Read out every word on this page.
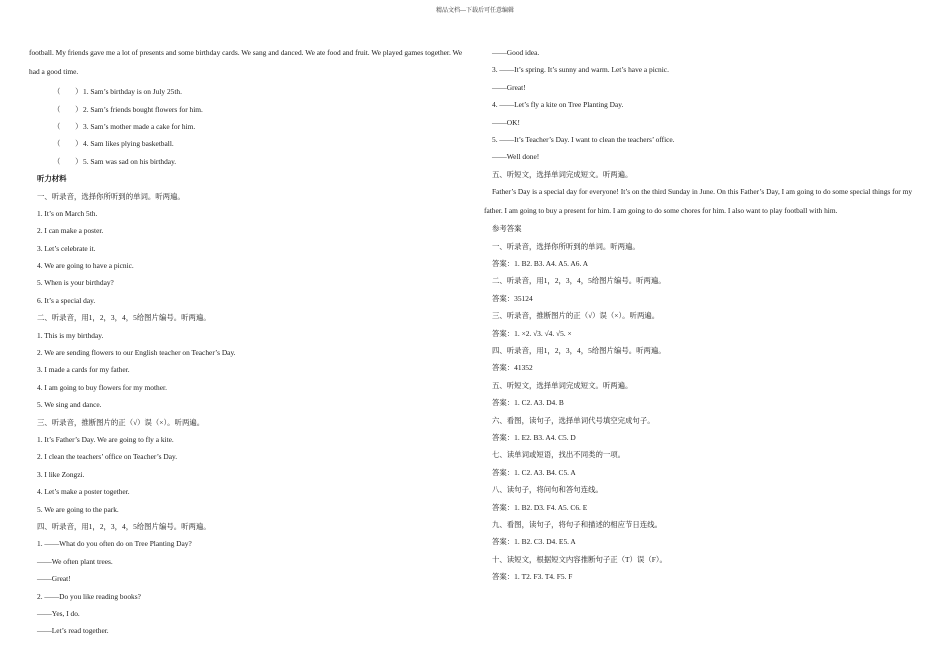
精品文档---下载后可任意编辑
football. My friends gave me a lot of presents and some birthday cards. We sang and danced. We ate food and fruit. We played games together. We had a good time.
（　　）1. Sam’s birthday is on July 25th.
（　　）2. Sam’s friends bought flowers for him.
（　　）3. Sam’s mother made a cake for him.
（　　）4. Sam likes plying basketball.
（　　）5. Sam was sad on his birthday.
听力材料
一、听录音，选择你所听到的单词。听两遍。
1. It’s on March 5th.
2. I can make a poster.
3. Let’s celebrate it.
4. We are going to have a picnic.
5. When is your birthday?
6. It’s a special day.
二、听录音，用1，2，3，4，5给图片编号。听两遍。
1. This is my birthday.
2. We are sending flowers to our English teacher on Teacher’s Day.
3. I made a cards for my father.
4. I am going to buy flowers for my mother.
5. We sing and dance.
三、听录音，推断图片的正（√）误（×）。听两遍。
1. It’s Father’s Day. We are going to fly a kite.
2. I clean the teachers’ office on Teacher’s Day.
3. I like Zongzi.
4. Let’s make a poster together.
5. We are going to the park.
四、听录音，用1，2，3，4，5给图片编号。听两遍。
1. ——What do you often do on Tree Planting Day?
——We often plant trees.
——Great!
2. ——Do you like reading books?
——Yes, I do.
——Let’s read together.
——Good idea.
3. ——It’s spring. It’s sunny and warm. Let’s have a picnic.
——Great!
4. ——Let’s fly a kite on Tree Planting Day.
——OK!
5. ——It’s Teacher’s Day. I want to clean the teachers’ office.
——Well done!
五、听短文，选择单词完成短文。听两遍。
Father’s Day is a special day for everyone! It’s on the third Sunday in June. On this Father’s Day, I am going to do some special things for my father. I am going to buy a present for him. I am going to do some chores for him. I also want to play football with him.
参考答案
一、听录音，选择你所听到的单词。听两遍。
答案：1. B2. B3. A4. A5. A6. A
二、听录音，用1，2，3，4，5给图片编号。听两遍。
答案：35124
三、听录音，推断图片的正（√）误（×）。听两遍。
答案：1. ×2. √3. √4. √5. ×
四、听录音，用1，2，3，4，5给图片编号。听两遍。
答案：41352
五、听短文，选择单词完成短文。听两遍。
答案：1. C2. A3. D4. B
六、看图，读句子，选择单词代号填空完成句子。
答案：1. E2. B3. A4. C5. D
七、读单词或短语，找出不同类的一项。
答案：1. C2. A3. B4. C5. A
八、读句子，将问句和答句连线。
答案：1. B2. D3. F4. A5. C6. E
九、看图，读句子，将句子和描述的相应节日连线。
答案：1. B2. C3. D4. E5. A
十、读短文，根据短文内容推断句子正（T）误（F）。
答案：1. T2. F3. T4. F5. F
